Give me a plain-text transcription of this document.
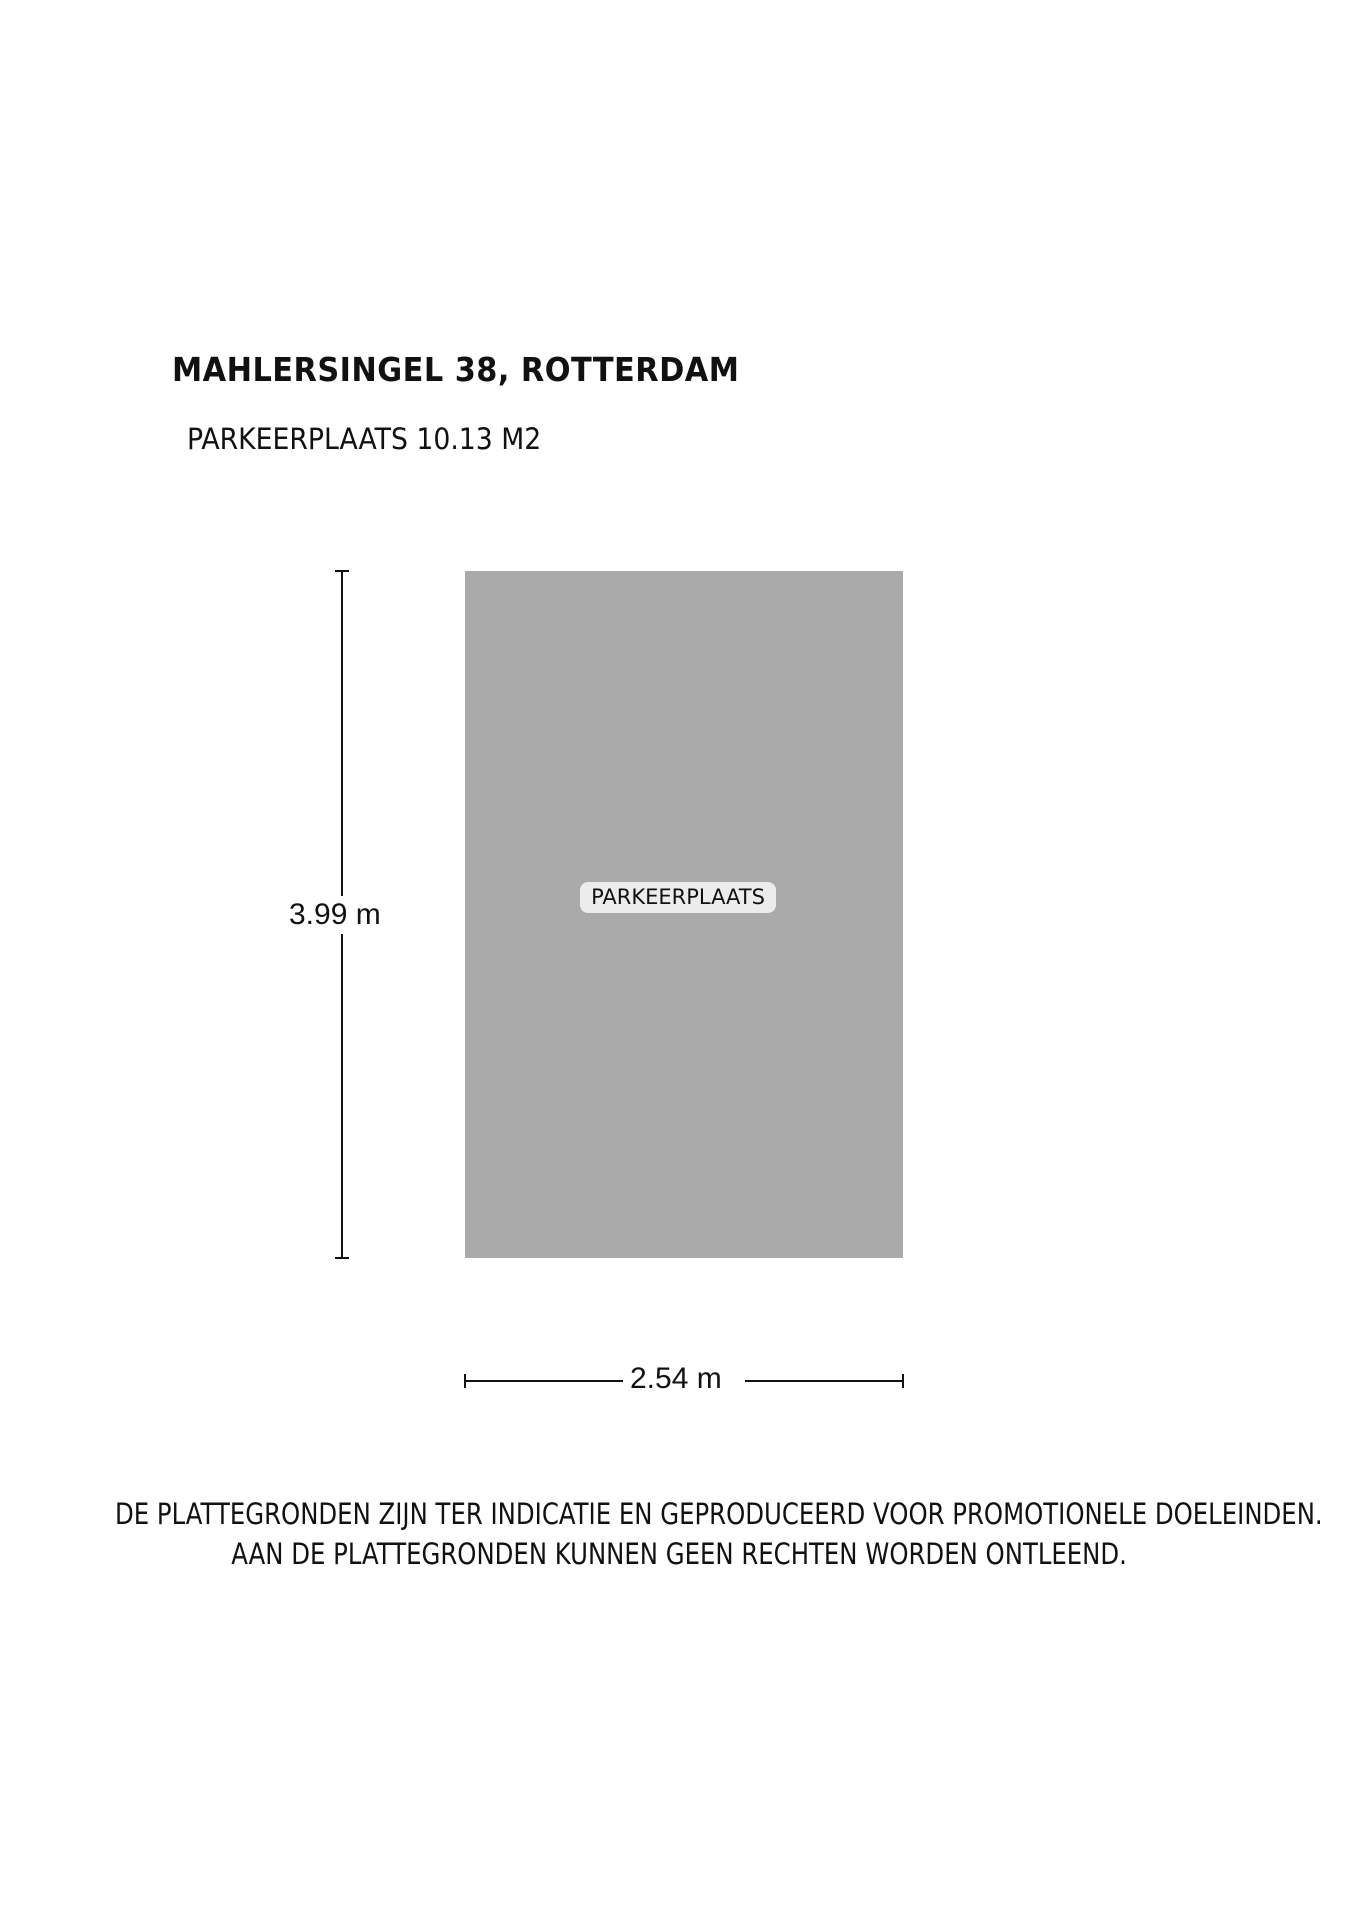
MAHLERSINGEL 38, ROTTERDAM
PARKEERPLAATS 10.13 M2
PARKEERPLAATS
3.99 m
2.54 m
DE PLATTEGRONDEN ZIJN TER INDICATIE EN GEPRODUCEERD VOOR PROMOTIONELE DOELEINDEN.
AAN DE PLATTEGRONDEN KUNNEN GEEN RECHTEN WORDEN ONTLEEND.
